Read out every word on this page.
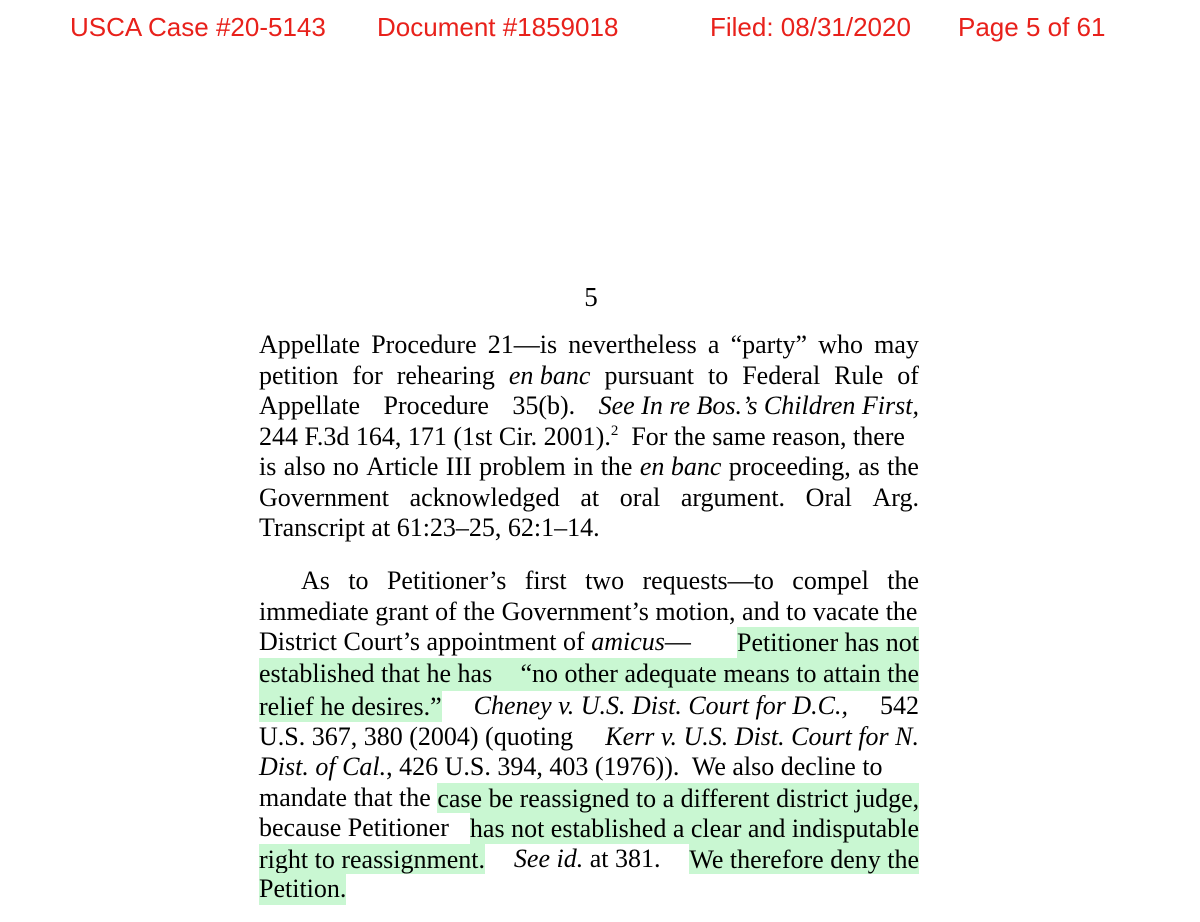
USCA Case #20-5143 Document #1859018	Filed: 08/31/2020 Page 5 of 61
5
Appellate Procedure 21—is nevertheless a “party” who may
petition for rehearing en banc pursuant to Federal Rule of
Appellate Procedure 35(b). See In re Bos.’s Children First,
244 F.3d 164, 171 (1st Cir. 2001).$^2$  For the same reason, there
is also no Article III problem in the en banc proceeding, as the
Government acknowledged at oral argument. Oral Arg.
Transcript at 61:23–25, 62:1–14.
As to Petitioner’s first two requests—to compel the
immediate grant of the Government’s motion, and to vacate the
District Court’s appointment of amicus— Petitioner has not
established that he has “no other adequate means to attain the
relief he desires.” Cheney v. U.S. Dist. Court for D.C., 542
U.S. 367, 380 (2004) (quoting Kerr v. U.S. Dist. Court for N.
Dist. of Cal., 426 U.S. 394, 403 (1976)).  We also decline to
mandate that the case be reassigned to a different district judge,
because Petitioner has not established a clear and indisputable
right to reassignment. See id. at 381. We therefore deny the
Petition.
